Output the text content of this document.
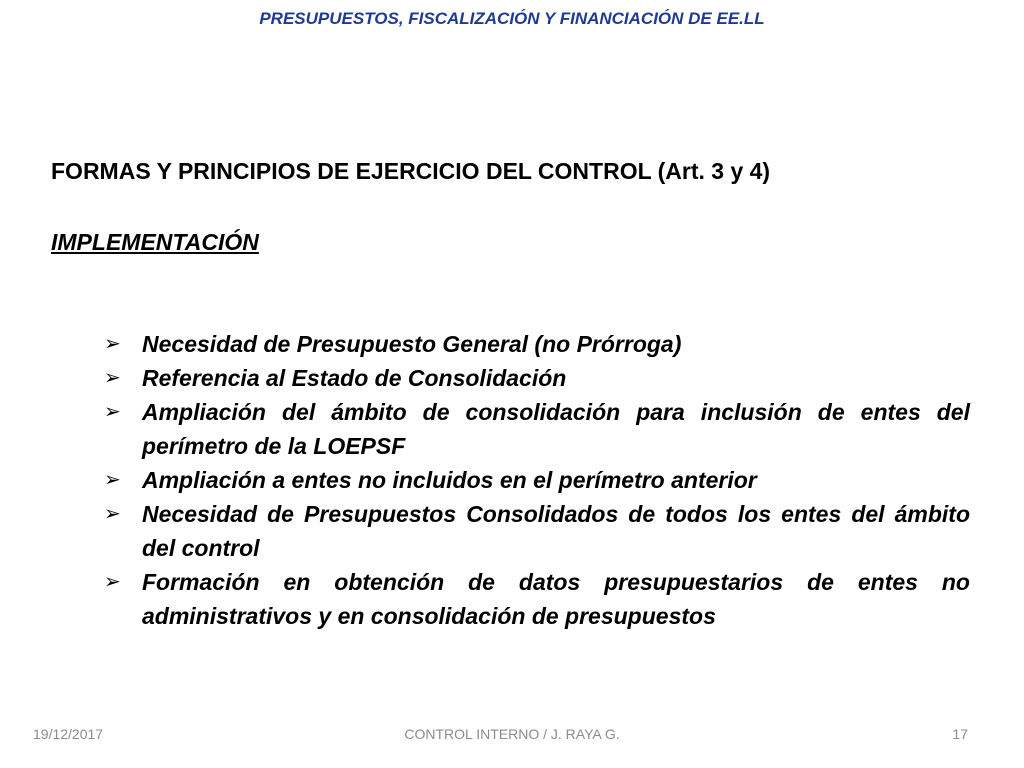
PRESUPUESTOS, FISCALIZACIÓN Y FINANCIACIÓN DE EE.LL
FORMAS Y PRINCIPIOS DE EJERCICIO DEL CONTROL (Art. 3 y 4)
IMPLEMENTACIÓN
➢ Necesidad de Presupuesto General (no Prórroga)
➢ Referencia al Estado de Consolidación
➢ Ampliación del ámbito de consolidación para inclusión de entes del perímetro de la LOEPSF
➢ Ampliación a entes no incluidos en el perímetro anterior
➢ Necesidad de Presupuestos Consolidados de todos los entes del ámbito del control
➢ Formación en obtención de datos presupuestarios de entes no administrativos y en consolidación de presupuestos
19/12/2017	CONTROL INTERNO / J. RAYA G.	17
